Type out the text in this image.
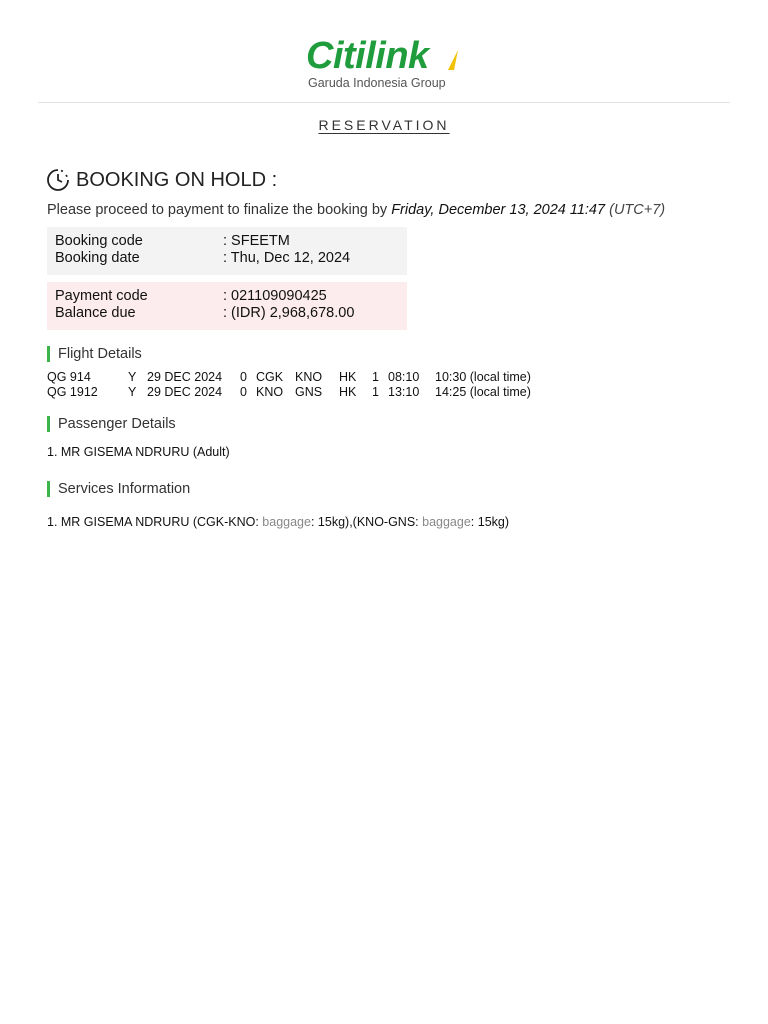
Citilink
Garuda Indonesia Group
RESERVATION
BOOKING ON HOLD :
Please proceed to payment to finalize the booking by Friday, December 13, 2024 11:47 (UTC+7)
Booking code	: SFEETM
Booking date	: Thu, Dec 12, 2024
Payment code	: 021109090425
Balance due	: (IDR) 2,968,678.00
Flight Details
QG 914	Y 29 DEC 2024	0 CGK KNO	HK	1 08:10	10:30 (local time)
QG 1912	Y 29 DEC 2024	0 KNO GNS	HK	1 13:10	14:25 (local time)
Passenger Details
1. MR GISEMA NDRURU (Adult)
Services Information
1. MR GISEMA NDRURU (CGK-KNO: baggage: 15kg),(KNO-GNS: baggage: 15kg)
